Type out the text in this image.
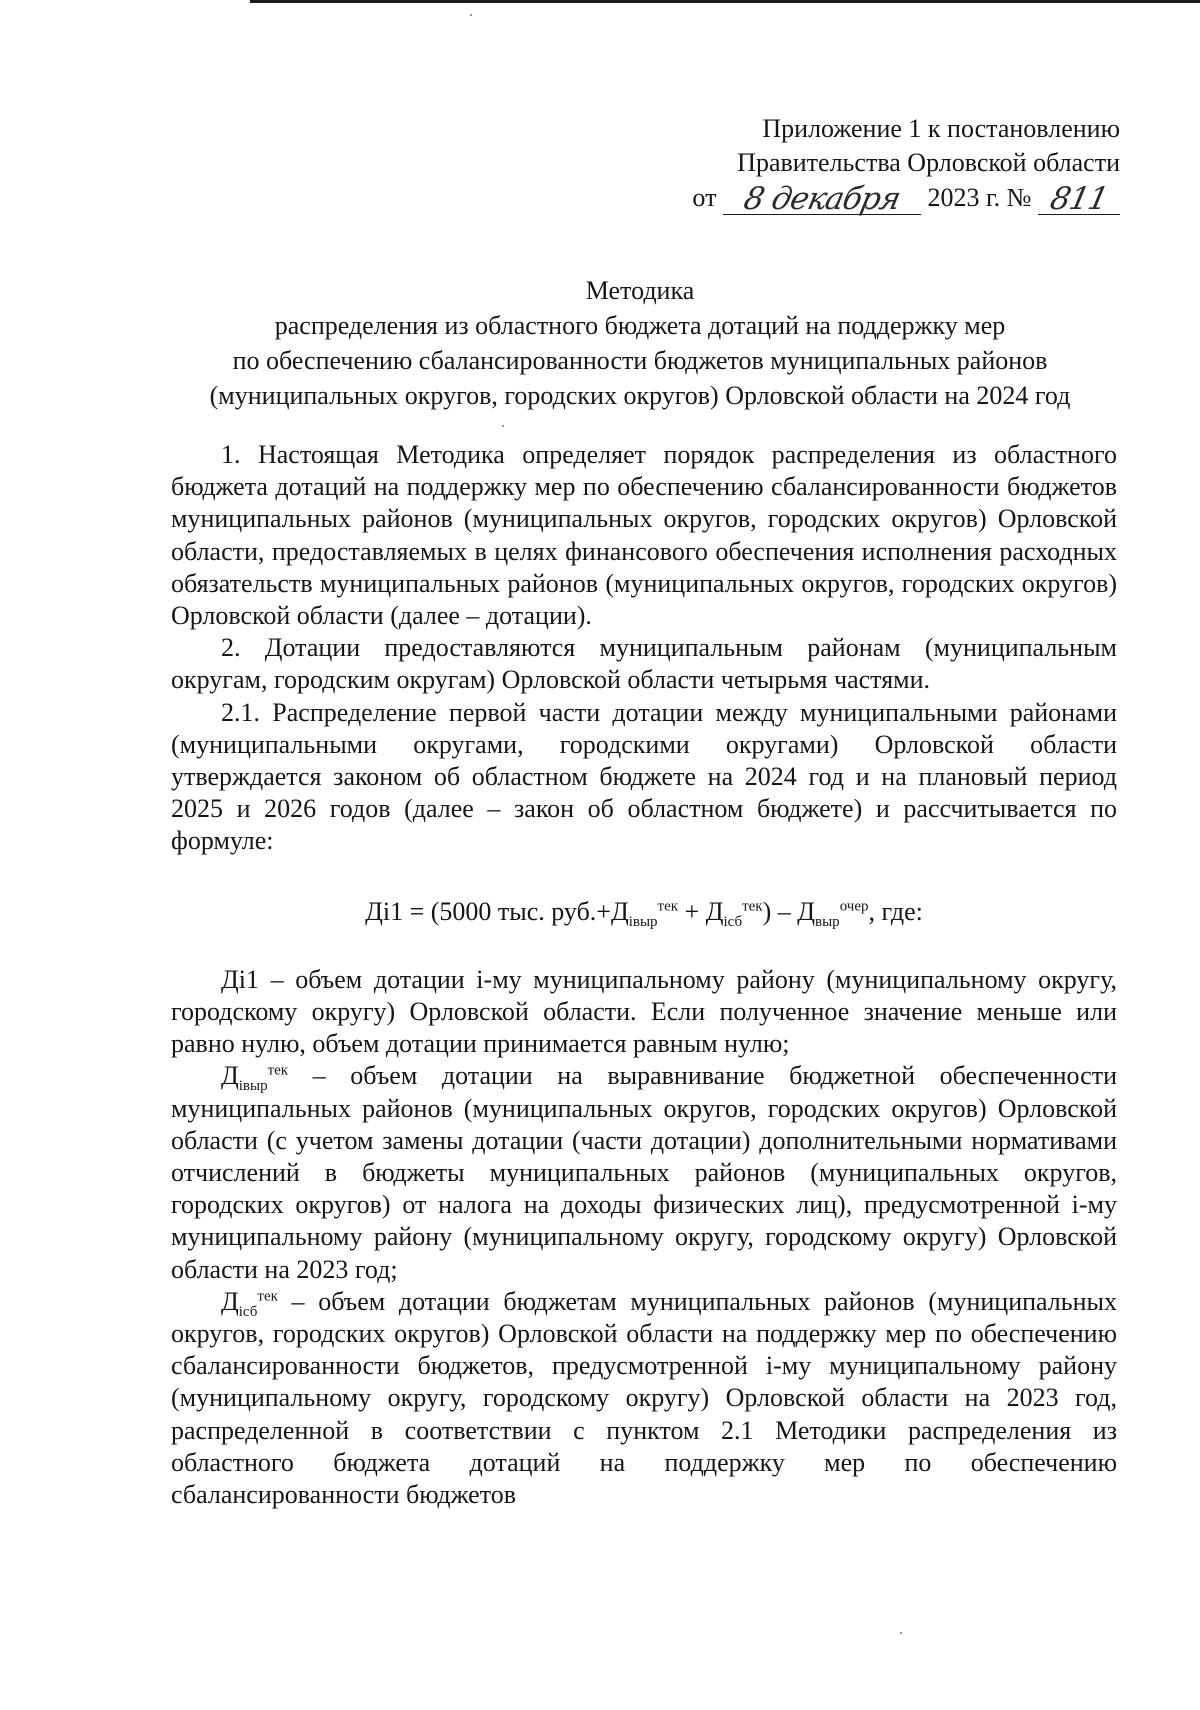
Приложение 1 к постановлению
Правительства Орловской области
от 8 декабря 2023 г. № 811
Методика
распределения из областного бюджета дотаций на поддержку мер
по обеспечению сбалансированности бюджетов муниципальных районов
(муниципальных округов, городских округов) Орловской области на 2024 год

1. Настоящая Методика определяет порядок распределения из областного бюджета дотаций на поддержку мер по обеспечению сбалансированности бюджетов муниципальных районов (муниципальных округов, городских округов) Орловской области, предоставляемых в целях финансового обеспечения исполнения расходных обязательств муниципальных районов (муниципальных округов, городских округов) Орловской области (далее – дотации).

2. Дотации предоставляются муниципальным районам (муниципальным округам, городским округам) Орловской области четырьмя частями.

2.1. Распределение первой части дотации между муниципальными районами (муниципальными округами, городскими округами) Орловской области утверждается законом об областном бюджете на 2024 год и на плановый период 2025 и 2026 годов (далее – закон об областном бюджете) и рассчитывается по формуле:

Дi1 = (5000 тыс. $руб.+Д_{iвыр}^{тек} + Д_{iсб}^{тек}) - Д_{выр}^{очер}$, где:

Дi1 – объем дотации i-му муниципальному району (муниципальному округу, городскому округу) Орловской области. Если полученное значение меньше или равно нулю, объем дотации принимается равным нулю;

$Д_{iвыр}^{тек}$ – объем дотации на выравнивание бюджетной обеспеченности муниципальных районов (муниципальных округов, городских округов) Орловской области (с учетом замены дотации (части дотации) дополнительными нормативами отчислений в бюджеты муниципальных районов (муниципальных округов, городских округов) от налога на доходы физических лиц), предусмотренной i-му муниципальному району (муниципальному округу, городскому округу) Орловской области на 2023 год;

$Д_{iсб}^{тек}$ – объем дотации бюджетам муниципальных районов (муниципальных округов, городских округов) Орловской области на поддержку мер по обеспечению сбалансированности бюджетов, предусмотренной i-му муниципальному району (муниципальному округу, городскому округу) Орловской области на 2023 год, распределенной в соответствии с пунктом 2.1 Методики распределения из областного бюджета дотаций на поддержку мер по обеспечению сбалансированности бюджетов
